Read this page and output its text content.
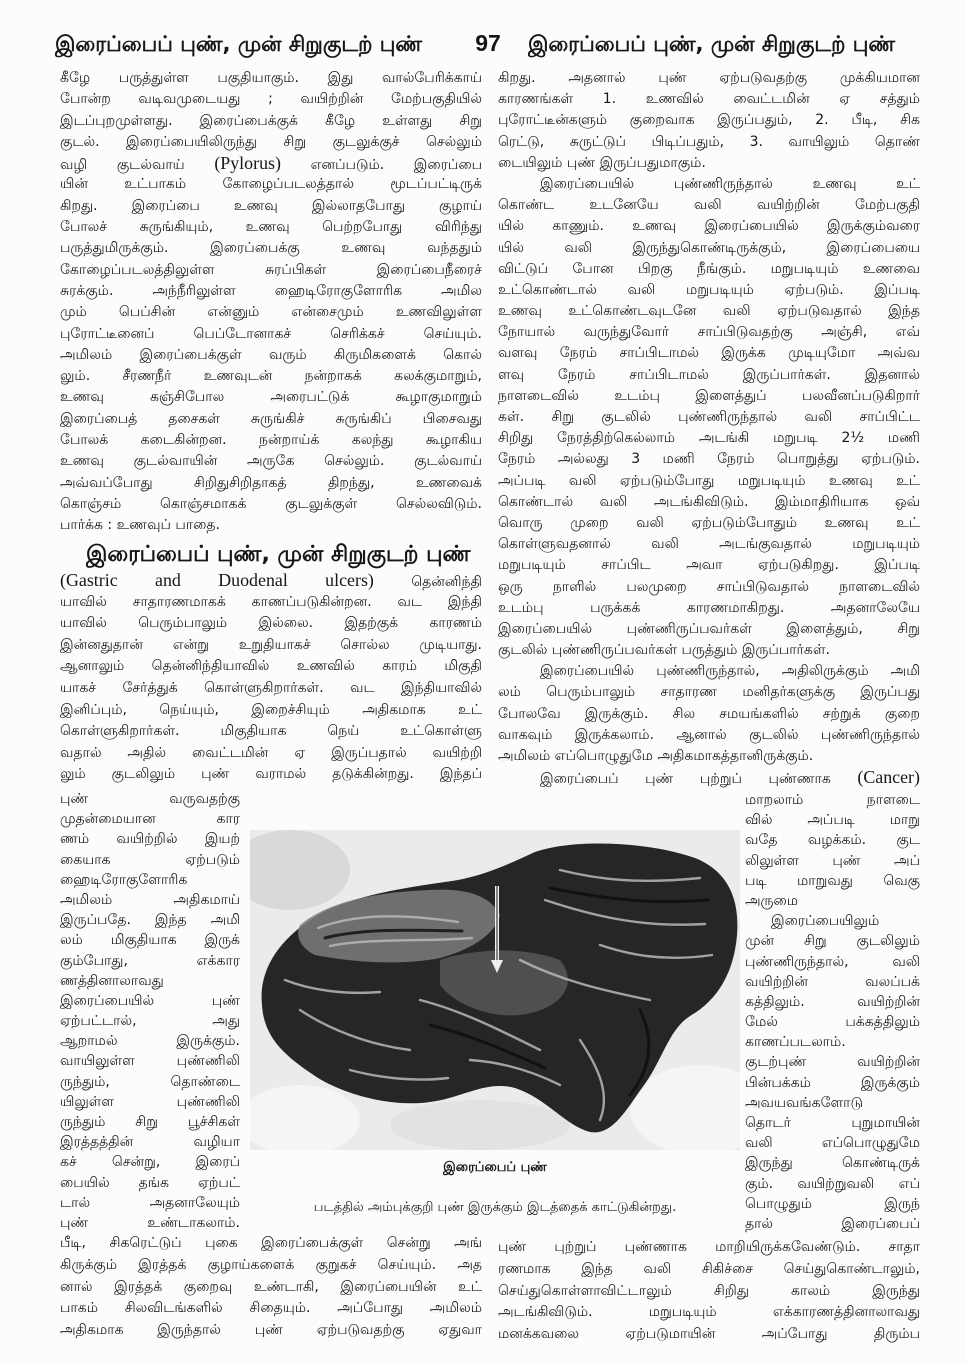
இரைப்பைப் புண், முன் சிறுகுடற் புண்	97	இரைப்பைப் புண், முன் சிறுகுடற் புண்
கீழே பருத்துள்ள பகுதியாகும். இது வால்பேரிக்காய்
போன்ற வடிவமுடையது ; வயிற்றின் மேற்பகுதியில்
இடப்புறமுள்ளது. இரைப்பைக்குக் கீழே உள்ளது சிறு
குடல். இரைப்பையிலிருந்து சிறு குடலுக்குச் செல்லும்
வழி குடல்வாய் (Pylorus) எனப்படும். இரைப்பை
யின் உட்பாகம் கோழைப்படலத்தால் மூடப்பட்டிருக்
கிறது. இரைப்பை உணவு இல்லாதபோது குழாய்
போலச் சுருங்கியும், உணவு பெற்றபோது விரிந்து
பருத்துமிருக்கும். இரைப்பைக்கு உணவு வந்ததும்
கோழைப்படலத்திலுள்ள சுரப்பிகள் இரைப்பைநீரைச்
சுரக்கும். அந்நீரிலுள்ள ஹைடிரோகுளோரிக அமில
மும் பெப்சின் என்னும் என்சைமும் உணவிலுள்ள
புரோட்டீனைப் பெப்டோனாகச் செரிக்கச் செய்யும்.
அமிலம் இரைப்பைக்குள் வரும் கிருமிகளைக் கொல்
லும். சீரணநீர் உணவுடன் நன்றாகக் கலக்குமாறும்,
உணவு கஞ்சிபோல அரைபட்டுக் கூழாகுமாறும்
இரைப்பைத் தசைகள் சுருங்கிச் சுருங்கிப் பிசைவது
போலக் கடைகின்றன. நன்றாய்க் கலந்து கூழாகிய
உணவு குடல்வாயின் அருகே செல்லும். குடல்வாய்
அவ்வப்போது சிறிதுசிறிதாகத் திறந்து, உணவைக்
கொஞ்சம் கொஞ்சமாகக் குடலுக்குள் செல்லவிடும்.
பார்க்க : உணவுப் பாதை.
இரைப்பைப் புண், முன் சிறுகுடற் புண்
(Gastric and Duodenal ulcers) தென்னிந்தி
யாவில் சாதாரணமாகக் காணப்படுகின்றன. வட இந்தி
யாவில் பெரும்பாலும் இல்லை. இதற்குக் காரணம்
இன்னதுதான் என்று உறுதியாகச் சொல்ல முடியாது.
ஆனாலும் தென்னிந்தியாவில் உணவில் காரம் மிகுதி
யாகச் சேர்த்துக் கொள்ளுகிறார்கள். வட இந்தியாவில்
இனிப்பும், நெய்யும், இறைச்சியும் அதிகமாக உட்
கொள்ளுகிறார்கள். மிகுதியாக நெய் உட்கொள்ளு
வதால் அதில் வைட்டமின் ஏ இருப்பதால் வயிற்றி
லும் குடலிலும் புண் வராமல் தடுக்கின்றது. இந்தப்
புண் வருவதற்கு
முதன்மையான கார
ணம் வயிற்றில் இயற்
கையாக ஏற்படும்
ஹைடிரோகுளோரிக
அமிலம் அதிகமாய்
இருப்பதே. இந்த அமி
லம் மிகுதியாக இருக்
கும்போது, எக்கார
ணத்தினாலாவது
இரைப்பையில் புண்
ஏற்பட்டால், அது
ஆறாமல் இருக்கும்.
வாயிலுள்ள புண்ணிலி
ருந்தும், தொண்டை
யிலுள்ள புண்ணிலி
ருந்தும் சிறு பூச்சிகள்
இரத்தத்தின் வழியா
கச் சென்று, இரைப்
பையில் தங்க ஏற்பட்
டால் அதனாலேயும்
புண் உண்டாகலாம்.
பீடி, சிகரெட்டுப் புகை இரைப்பைக்குள் சென்று அங்
கிருக்கும் இரத்தக் குழாய்களைக் குறுகச் செய்யும். அத
னால் இரத்தக் குறைவு உண்டாகி, இரைப்பையின் உட்
பாகம் சிலவிடங்களில் சிதையும். அப்போது அமிலம்
அதிகமாக இருந்தால் புண் ஏற்படுவதற்கு ஏதுவா
கிறது. அதனால் புண் ஏற்படுவதற்கு முக்கியமான
காரணங்கள் 1. உணவில் வைட்டமின் ஏ சத்தும்
புரோட்டீன்களும் குறைவாக இருப்பதும், 2. பீடி, சிக
ரெட்டு, சுருட்டுப் பிடிப்பதும், 3. வாயிலும் தொண்
டையிலும் புண் இருப்பதுமாகும்.
இரைப்பையில் புண்ணிருந்தால் உணவு உட்
கொண்ட உடனேயே வலி வயிற்றின் மேற்பகுதி
யில் காணும். உணவு இரைப்பையில் இருக்கும்வரை
யில் வலி இருந்துகொண்டிருக்கும், இரைப்பையை
விட்டுப் போன பிறகு நீங்கும். மறுபடியும் உணவை
உட்கொண்டால் வலி மறுபடியும் ஏற்படும். இப்படி
உணவு உட்கொண்டவுடனே வலி ஏற்படுவதால் இந்த
நோயால் வருந்துவோர் சாப்பிடுவதற்கு அஞ்சி, எவ்
வளவு நேரம் சாப்பிடாமல் இருக்க முடியுமோ அவ்வ
ளவு நேரம் சாப்பிடாமல் இருப்பார்கள். இதனால்
நாளடைவில் உடம்பு இளைத்துப் பலவீனப்படுகிறார்
கள். சிறு குடலில் புண்ணிருந்தால் வலி சாப்பிட்ட
சிறிது நேரத்திற்கெல்லாம் அடங்கி மறுபடி 2½ மணி
நேரம் அல்லது 3 மணி நேரம் பொறுத்து ஏற்படும்.
அப்படி வலி ஏற்படும்போது மறுபடியும் உணவு உட்
கொண்டால் வலி அடங்கிவிடும். இம்மாதிரியாக ஒவ்
வொரு முறை வலி ஏற்படும்போதும் உணவு உட்
கொள்ளுவதனால் வலி அடங்குவதால் மறுபடியும்
மறுபடியும் சாப்பிட அவா ஏற்படுகிறது. இப்படி
ஒரு நாளில் பலமுறை சாப்பிடுவதால் நாளடைவில்
உடம்பு பருக்கக் காரணமாகிறது. அதனாலேயே
இரைப்பையில் புண்ணிருப்பவர்கள் இளைத்தும், சிறு
குடலில் புண்ணிருப்பவர்கள் பருத்தும் இருப்பார்கள்.
இரைப்பையில் புண்ணிருந்தால், அதிலிருக்கும் அமி
லம் பெரும்பாலும் சாதாரண மனிதர்களுக்கு இருப்பது
போலவே இருக்கும். சில சமயங்களில் சற்றுக் குறை
வாகவும் இருக்கலாம். ஆனால் குடலில் புண்ணிருந்தால்
அமிலம் எப்பொழுதுமே அதிகமாகத்தானிருக்கும்.
இரைப்பைப் புண் புற்றுப் புண்ணாக (Cancer)
மாறலாம் நாளடை
வில் அப்படி மாறு
வதே வழக்கம். குட
லிலுள்ள புண் அப்
படி மாறுவது வெகு
அருமை
இரைப்பையிலும்
முன் சிறு குடலிலும்
புண்ணிருந்தால், வலி
வயிற்றின் வலப்பக்
கத்திலும். வயிற்றின்
மேல் பக்கத்திலும்
காணப்படலாம்.
குடற்புண் வயிற்றின்
பின்பக்கம் இருக்கும்
அவயவங்களோடு
தொடர் புறுமாயின்
வலி எப்பொழுதுமே
இருந்து கொண்டிருக்
கும். வயிற்றுவலி எப்
பொழுதும் இருந்
தால் இரைப்பைப்
புண் புற்றுப் புண்ணாக மாறியிருக்கவேண்டும். சாதா
ரணமாக இந்த வலி சிகிச்சை செய்துகொண்டாலும்,
செய்துகொள்ளாவிட்டாலும் சிறிது காலம் இருந்து
அடங்கிவிடும். மறுபடியும் எக்காரணத்தினாலாவது
மனக்கவலை ஏற்படுமாயின் அப்போது திரும்ப
இரைப்பைப் புண்
படத்தில் அம்புக்குறி புண் இருக்கும் இடத்தைக் காட்டுகின்றது.
